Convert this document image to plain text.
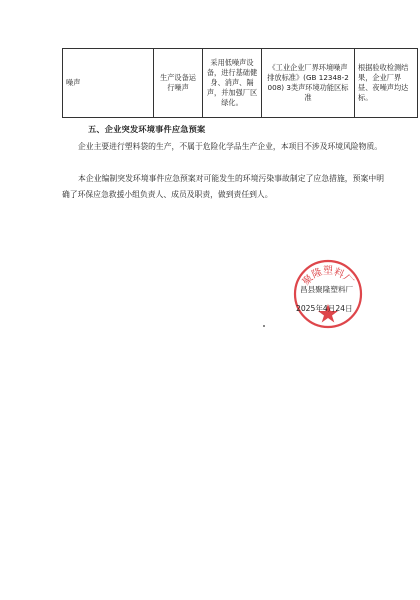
噪声	生产设备运行噪声	采用低噪声设备，进行基础健身、消声、隔声，并加强厂区绿化。	《工业企业厂界环境噪声排放标准》(GB 12348-2008) 3类声环境功能区标准	根据验收检测结果，企业厂界昼、夜噪声均达标。
五、企业突发环境事件应急预案

企业主要进行塑料袋的生产，不属于危险化学品生产企业，本项目不涉及环境风险物质。

本企业编制突发环境事件应急预案对可能发生的环境污染事故制定了应急措施，预案中明确了环保应急救援小组负责人、成员及职责，做到责任到人。

聚隆塑料厂
昌县聚隆塑料厂
2025年4月24日
